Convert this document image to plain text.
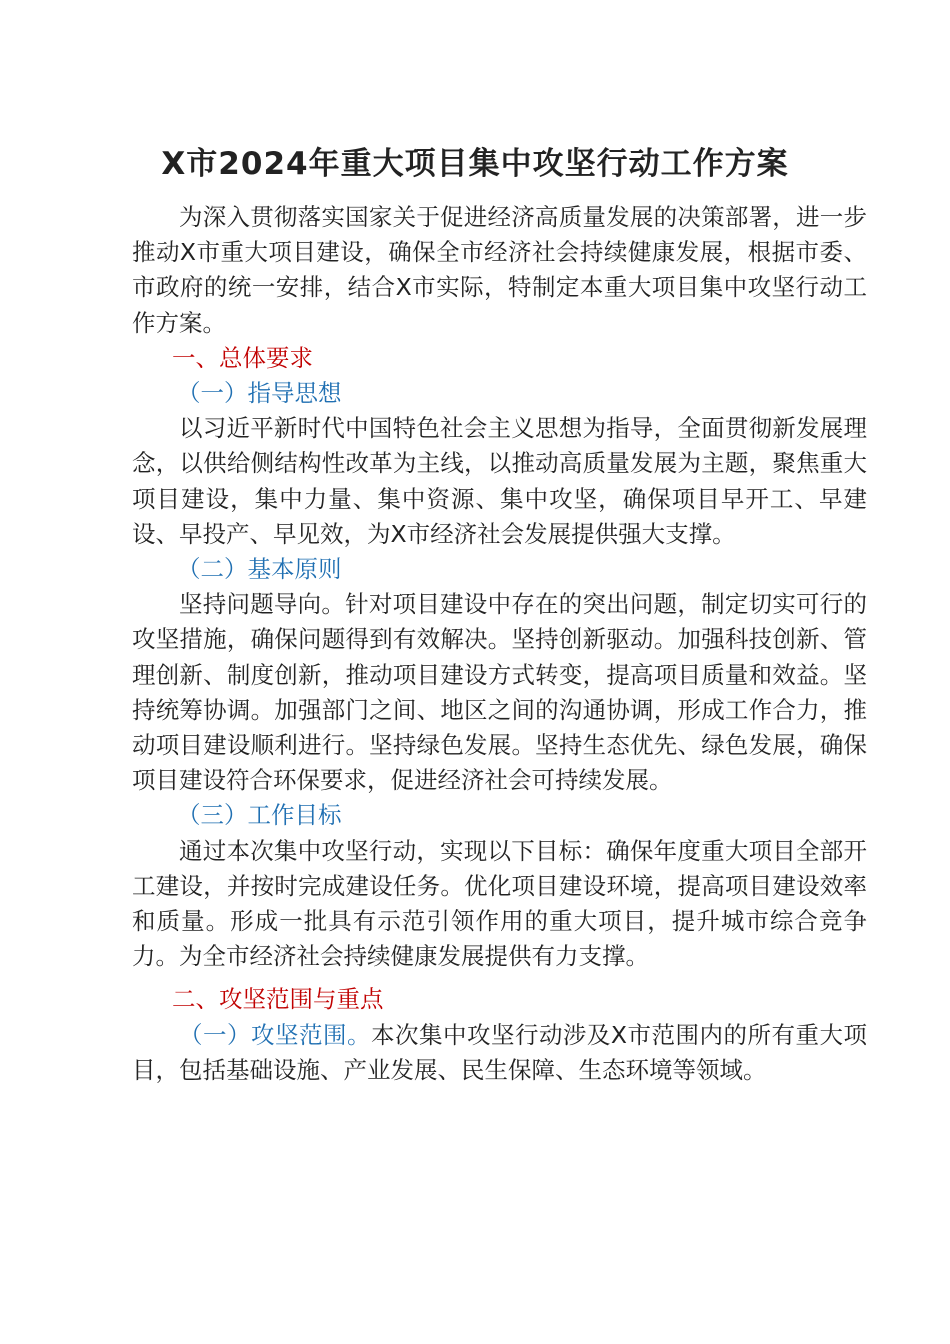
X市2024年重大项目集中攻坚行动工作方案

为深入贯彻落实国家关于促进经济高质量发展的决策部署，进一步推动X市重大项目建设，确保全市经济社会持续健康发展，根据市委、市政府的统一安排，结合X市实际，特制定本重大项目集中攻坚行动工作方案。

一、总体要求

（一）指导思想

以习近平新时代中国特色社会主义思想为指导，全面贯彻新发展理念，以供给侧结构性改革为主线，以推动高质量发展为主题，聚焦重大项目建设，集中力量、集中资源、集中攻坚，确保项目早开工、早建设、早投产、早见效，为X市经济社会发展提供强大支撑。

（二）基本原则

坚持问题导向。针对项目建设中存在的突出问题，制定切实可行的攻坚措施，确保问题得到有效解决。坚持创新驱动。加强科技创新、管理创新、制度创新，推动项目建设方式转变，提高项目质量和效益。坚持统筹协调。加强部门之间、地区之间的沟通协调，形成工作合力，推动项目建设顺利进行。坚持绿色发展。坚持生态优先、绿色发展，确保项目建设符合环保要求，促进经济社会可持续发展。

（三）工作目标

通过本次集中攻坚行动，实现以下目标：确保年度重大项目全部开工建设，并按时完成建设任务。优化项目建设环境，提高项目建设效率和质量。形成一批具有示范引领作用的重大项目，提升城市综合竞争力。为全市经济社会持续健康发展提供有力支撑。

二、攻坚范围与重点

（一）攻坚范围。本次集中攻坚行动涉及X市范围内的所有重大项目，包括基础设施、产业发展、民生保障、生态环境等领域。
